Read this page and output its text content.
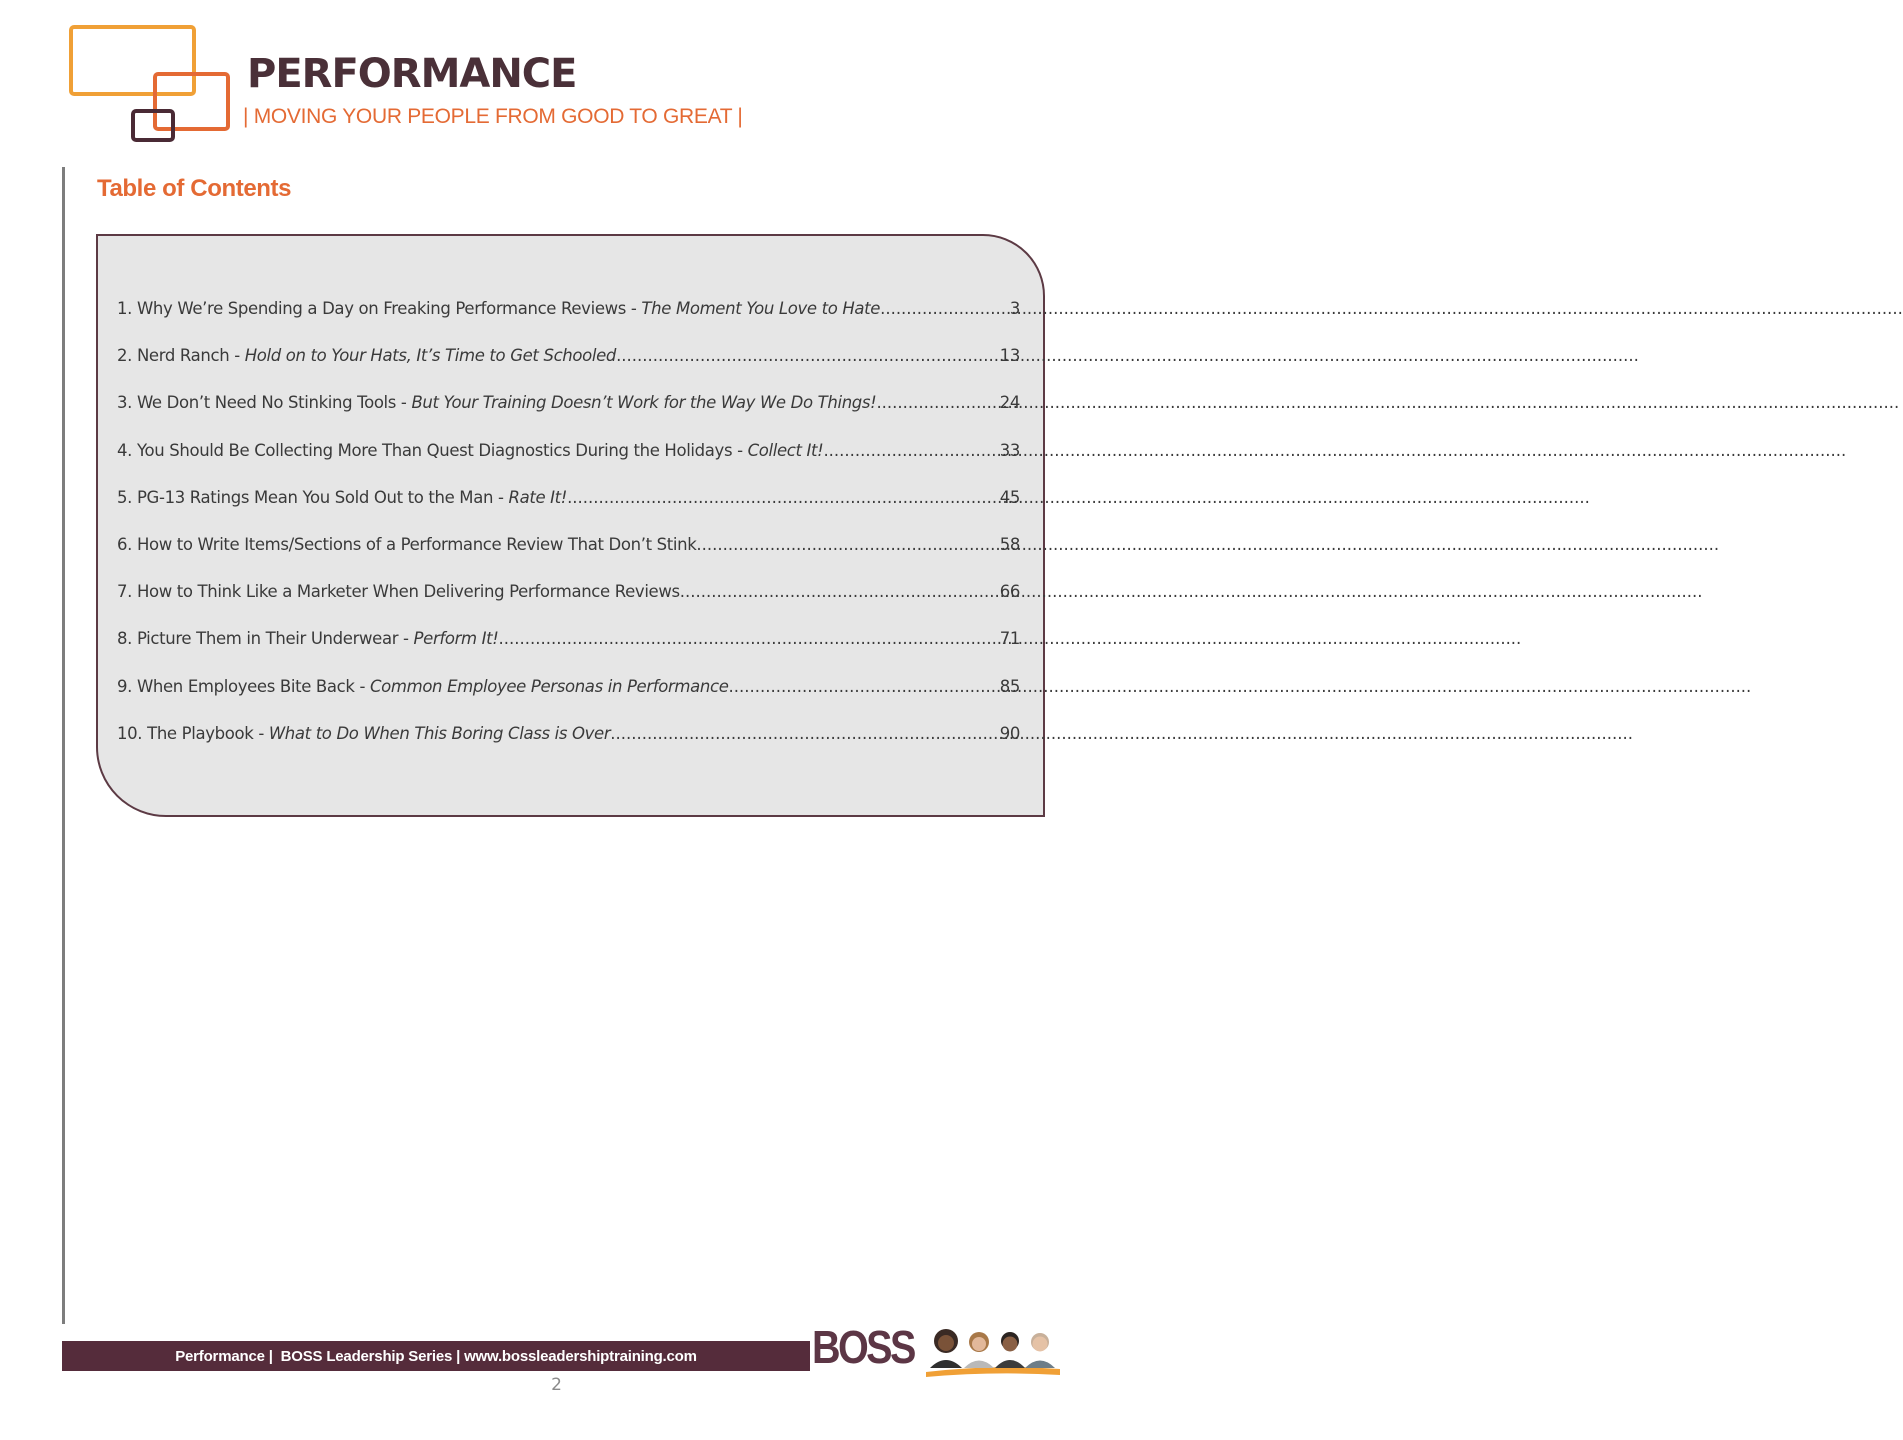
PERFORMANCE

| MOVING YOUR PEOPLE FROM GOOD TO GREAT |

Table of Contents
1. Why We’re Spending a Day on Freaking Performance Reviews - The Moment You Love to Hate .....	3
2. Nerd Ranch - Hold on to Your Hats, It’s Time to Get Schooled .....	13
3. We Don’t Need No Stinking Tools - But Your Training Doesn’t Work for the Way We Do Things! .....	24
4. You Should Be Collecting More Than Quest Diagnostics During the Holidays - Collect It! .....	33
5. PG-13 Ratings Mean You Sold Out to the Man - Rate It! .....	45
6. How to Write Items/Sections of a Performance Review That Don’t Stink .....	58
7. How to Think Like a Marketer When Delivering Performance Reviews .....	66
8. Picture Them in Their Underwear - Perform It! .....	71
9. When Employees Bite Back - Common Employee Personas in Performance .....	85
10. The Playbook - What to Do When This Boring Class is Over .....	90
Performance |
BOSS Leadership Series |
www.bossleadershiptraining.com	BOSS
2
